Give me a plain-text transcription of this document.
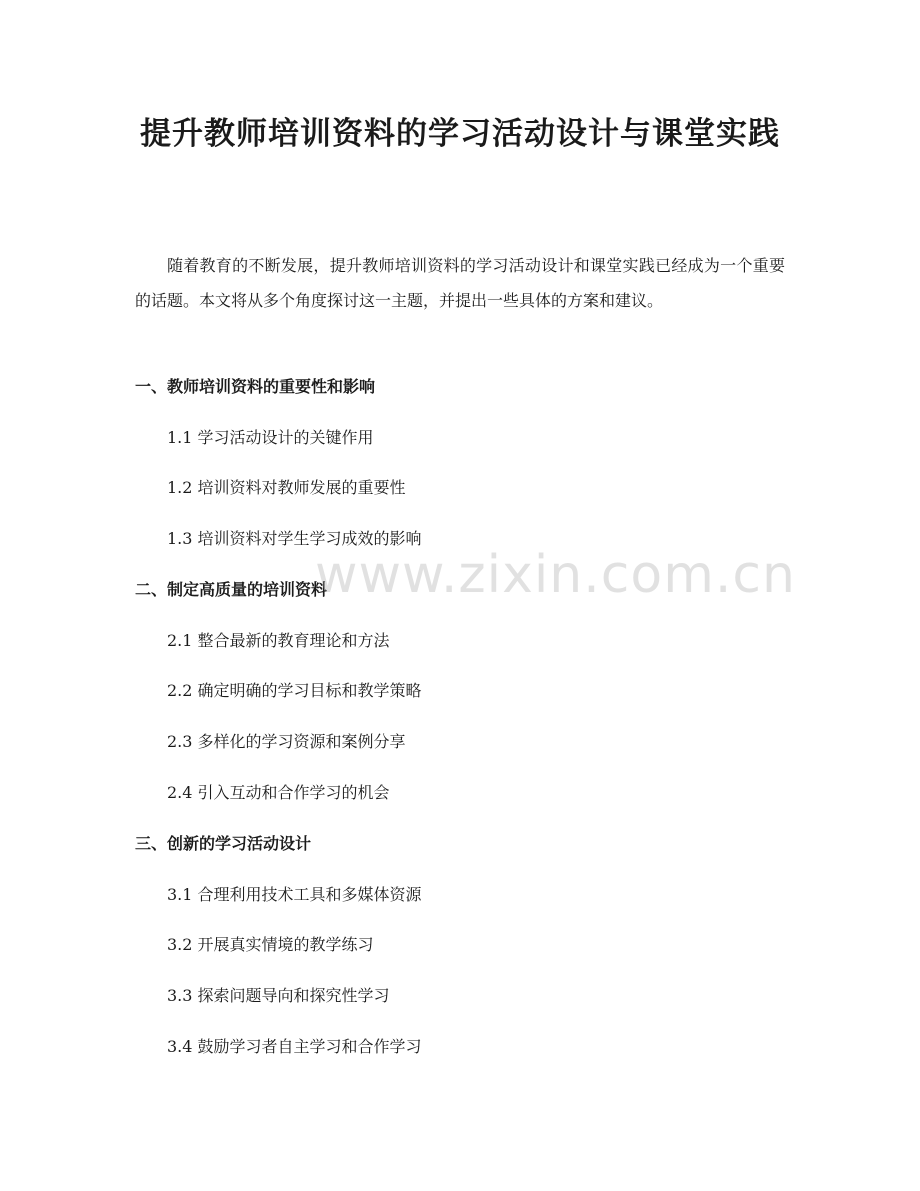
提升教师培训资料的学习活动设计与课堂实践

随着教育的不断发展，提升教师培训资料的学习活动设计和课堂实践已经成为一个重要的话题。本文将从多个角度探讨这一主题，并提出一些具体的方案和建议。

一、教师培训资料的重要性和影响

1.1 学习活动设计的关键作用

1.2 培训资料对教师发展的重要性

1.3 培训资料对学生学习成效的影响

二、制定高质量的培训资料

2.1 整合最新的教育理论和方法

2.2 确定明确的学习目标和教学策略

2.3 多样化的学习资源和案例分享

2.4 引入互动和合作学习的机会

三、创新的学习活动设计

3.1 合理利用技术工具和多媒体资源

3.2 开展真实情境的教学练习

3.3 探索问题导向和探究性学习

3.4 鼓励学习者自主学习和合作学习

www.zixin.com.cn
